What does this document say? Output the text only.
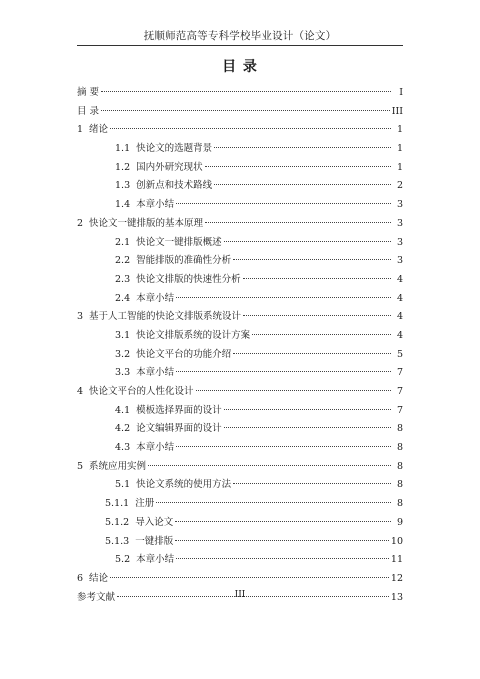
抚顺师范高等专科学校毕业设计（论文）
目 录
摘 要	I
目 录	III
1 绪论	1
1.1 快论文的选题背景	1
1.2 国内外研究现状	1
1.3 创新点和技术路线	2
1.4 本章小结	3
2 快论文一键排版的基本原理	3
2.1 快论文一键排版概述	3
2.2 智能排版的准确性分析	3
2.3 快论文排版的快速性分析	4
2.4 本章小结	4
3 基于人工智能的快论文排版系统设计	4
3.1 快论文排版系统的设计方案	4
3.2 快论文平台的功能介绍	5
3.3 本章小结	7
4 快论文平台的人性化设计	7
4.1 模板选择界面的设计	7
4.2 论文编辑界面的设计	8
4.3 本章小结	8
5 系统应用实例	8
5.1 快论文系统的使用方法	8
5.1.1 注册	8
5.1.2 导入论文	9
5.1.3 一键排版	10
5.2 本章小结	11
6 结论	12
参考文献	13
III
